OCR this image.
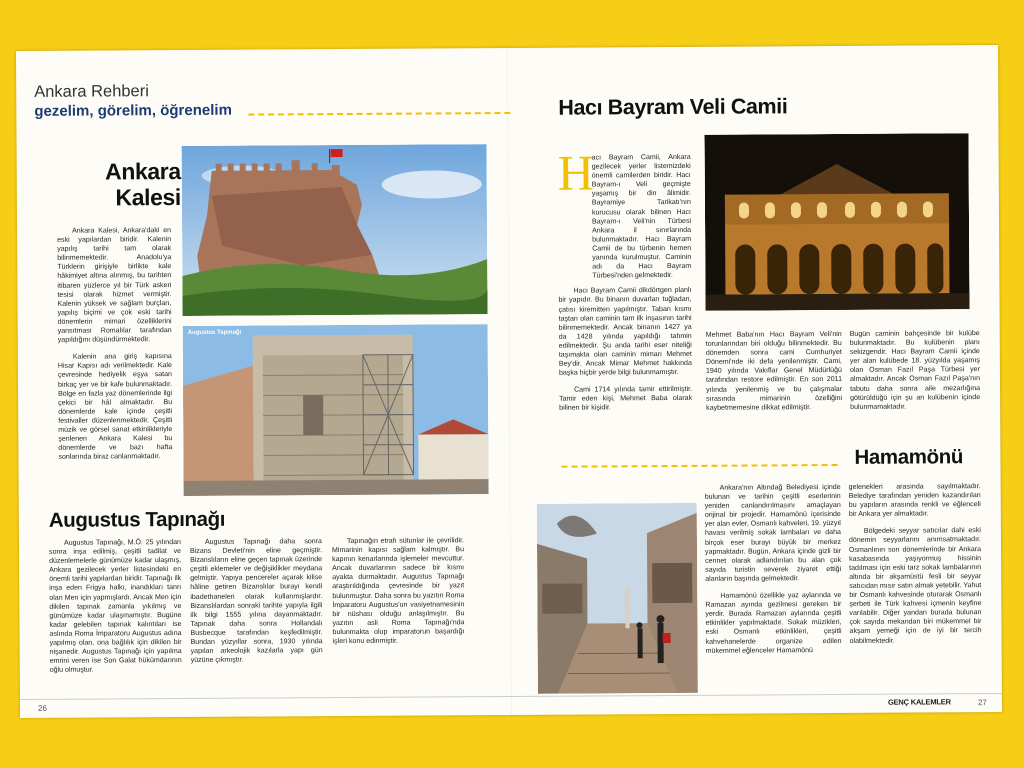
Ankara Rehberi
gezelim, görelim, öğrenelim
Ankara
Kalesi

Ankara Kalesi, Ankara'daki en eski yapılardan biridir. Kalenin yapılış tarihi tam olarak bilinmemektedir. Anadolu'ya Türklerin girişiyle birlikte kale hâkimiyet altına alınmış, bu tarihten itibaren yüzlerce yıl bir Türk askeri tesisi olarak hizmet vermiştir. Kalenin yüksek ve sağlam burçları, yapılış biçimi ve çok eski tarihi dönemlerin mimari özelliklerini yansıtması Romalılar tarafından yapıldığını düşündürmektedir.

Kalenin ana giriş kapısına Hisar Kapısı adı verilmektedir. Kale çevresinde hediyelik eşya satan birkaç yer ve bir kafe bulunmaktadır. Bölge en fazla yaz dönemlerinde ilgi çekici bir hâl almaktadır. Bu dönemlerde kale içinde çeşitli festivaller düzenlenmektedir. Çeşitli müzik ve görsel sanat etkinlikleriyle şenlenen Ankara Kalesi bu dönemlerde ve bazı hafta sonlarında biraz canlanmaktadır.

Augustus Tapınağı
Augustus Tapınağı

Augustus Tapınağı, M.Ö. 25 yılından sonra inşa edilmiş, çeşitli tadilat ve düzenlemelerle günümüze kadar ulaşmış, Ankara gezilecek yerler listesindeki en önemli tarihi yapılardan biridir. Tapınağı ilk inşa eden Frigya halkı, inandıkları tanrı olan Men için yapmışlardı. Ancak Men için dikilen tapınak zamanla yıkılmış ve günümüze kadar ulaşmamıştır. Bugüne kadar gelebilen tapınak kalıntıları ise aslında Roma İmparatoru Augustus adına yapılmış olan, ona bağlılık için dikilen bir nişanedir. Augustus Tapınağı için yapılma emrini veren ise Son Galat hükümdarının oğlu olmuştur.

Augustus Tapınağı daha sonra Bizans Devleti'nin eline geçmiştir. Bizanslıların eline geçen tapınak üzerinde çeşitli eklemeler ve değişiklikler meydana gelmiştir. Yapıya pencereler açarak kilise hâline getiren Bizanslılar burayı kendi ibadethaneleri olarak kullanmışlardır. Bizanslılardan sonraki tarihte yapıyla ilgili ilk bilgi 1555 yılına dayanmaktadır. Tapınak daha sonra Hollandalı Busbecque tarafından keşfedilmiştir. Bundan yüzyıllar sonra, 1930 yılında yapılan arkeolojik kazılarla yapı gün yüzüne çıkmıştır.

Tapınağın etrafı sütunlar ile çevrilidir. Mimarinin kapısı sağlam kalmıştır. Bu kapının kenarlarında işlemeler mevcuttur. Ancak duvarlarının sadece bir kısmı ayakta durmaktadır. Augustus Tapınağı araştırıldığında çevresinde bir yazıt bulunmuştur. Daha sonra bu yazıtın Roma İmparatoru Augustus'un vasiyetnamesinin bir nüshası olduğu anlaşılmıştır. Bu yazıtın asli Roma Tapınağı'nda bulunmakta olup imparatorun başardığı işleri konu edinmiştir.

Hacı Bayram Veli Camii
H

acı Bayram Camii, Ankara gezilecek yerler listemizdeki önemli camilerden biridir. Hacı Bayram-ı Veli geçmişte yaşamış bir din âlimidir. Bayramiye Tarikatı'nın kurucusu olarak bilinen Hacı Bayram-ı Veli'nin Türbesi Ankara il sınırlarında bulunmaktadır. Hacı Bayram Camii de bu türbenin hemen yanında kurulmuştur. Caminin adı da Hacı Bayram Türbesi'nden gelmektedir.

Hacı Bayram Camii dikdörtgen planlı bir yapıdır. Bu binanın duvarları tuğladan, çatısı kiremitten yapılmıştır. Taban kısmı taştan olan caminin tam ilk inşasının tarihi bilinmemektedir. Ancak binanın 1427 ya da 1428 yılında yapıldığı tahmin edilmektedir. Şu anda tarihi eser niteliği taşımakta olan caminin mimarı Mehmet Bey'dir. Ancak Mimar Mehmet hakkında başka hiçbir yerde bilgi bulunmamıştır.

Cami 1714 yılında tamir ettirilmiştir. Tamir eden kişi, Mehmet Baba olarak bilinen bir kişidir.

Mehmet Baba'nın Hacı Bayram Veli'nin torunlarından biri olduğu bilinmektedir. Bu dönemden sonra cami Cumhuriyet Dönemi'nde iki defa yenilenmiştir. Cami, 1940 yılında Vakıflar Genel Müdürlüğü tarafından restore edilmiştir. En son 2011 yılında yenilenmiş ve bu çalışmalar sırasında mimarinin özelliğini kaybetmemesine dikkat edilmiştir.

Bugün caminin bahçesinde bir kulübe bulunmaktadır. Bu kulübenin planı sekizgendir. Hacı Bayram Camii içinde yer alan kulübede 18. yüzyılda yaşamış olan Osman Fazıl Paşa Türbesi yer almaktadır. Ancak Osman Fazıl Paşa'nın tabutu daha sonra aile mezarlığına götürüldüğü için şu an kulübenin içinde bulunmamaktadır.

Hamamönü

Ankara'nın Altındağ Belediyesi içinde bulunan ve tarihin çeşitli eserlerinin yeniden canlandırılmasını amaçlayan orijinal bir projedir. Hamamönü içerisinde yer alan evler, Osmanlı kahveleri, 19. yüzyıl havası verilmiş sokak lambaları ve daha birçok eser burayı büyük bir merkez yapmaktadır. Bugün, Ankara içinde gizli bir cennet olarak adlandırılan bu alan çok sayıda turistin severek ziyaret ettiği alanların başında gelmektedir.

Hamamönü özellikle yaz aylarında ve Ramazan ayında gezilmesi gereken bir yerdir. Burada Ramazan aylarında çeşitli etkinlikler yapılmaktadır. Sokak müzikleri, eski Osmanlı etkinlikleri, çeşitli kahvehanelerde organize edilen mükemmel eğlenceler Hamamönü

gelenekleri arasında sayılmaktadır. Belediye tarafından yeniden kazandırılan bu yapıların arasında renkli ve eğlenceli bir Ankara yer almaktadır.

Bölgedeki seyyar satıcılar dahi eski dönemin seyyarlarını anımsatmaktadır. Osmanlının son dönemlerinde bir Ankara kasabasında yaşıyormuş hissinin tadılması için eski tarz sokak lambalarının altında bir akşamüstü fesli bir seyyar satıcıdan mısır satın almak yetebilir. Yahut bir Osmanlı kahvesinde oturarak Osmanlı şerbeti ile Türk kahvesi içmenin keyfine varılabilir. Diğer yandan burada bulunan çok sayıda mekandan biri mükemmel bir akşam yemeği için de iyi bir tercih olabilmektedir.

26
GENÇ KALEMLER	27
